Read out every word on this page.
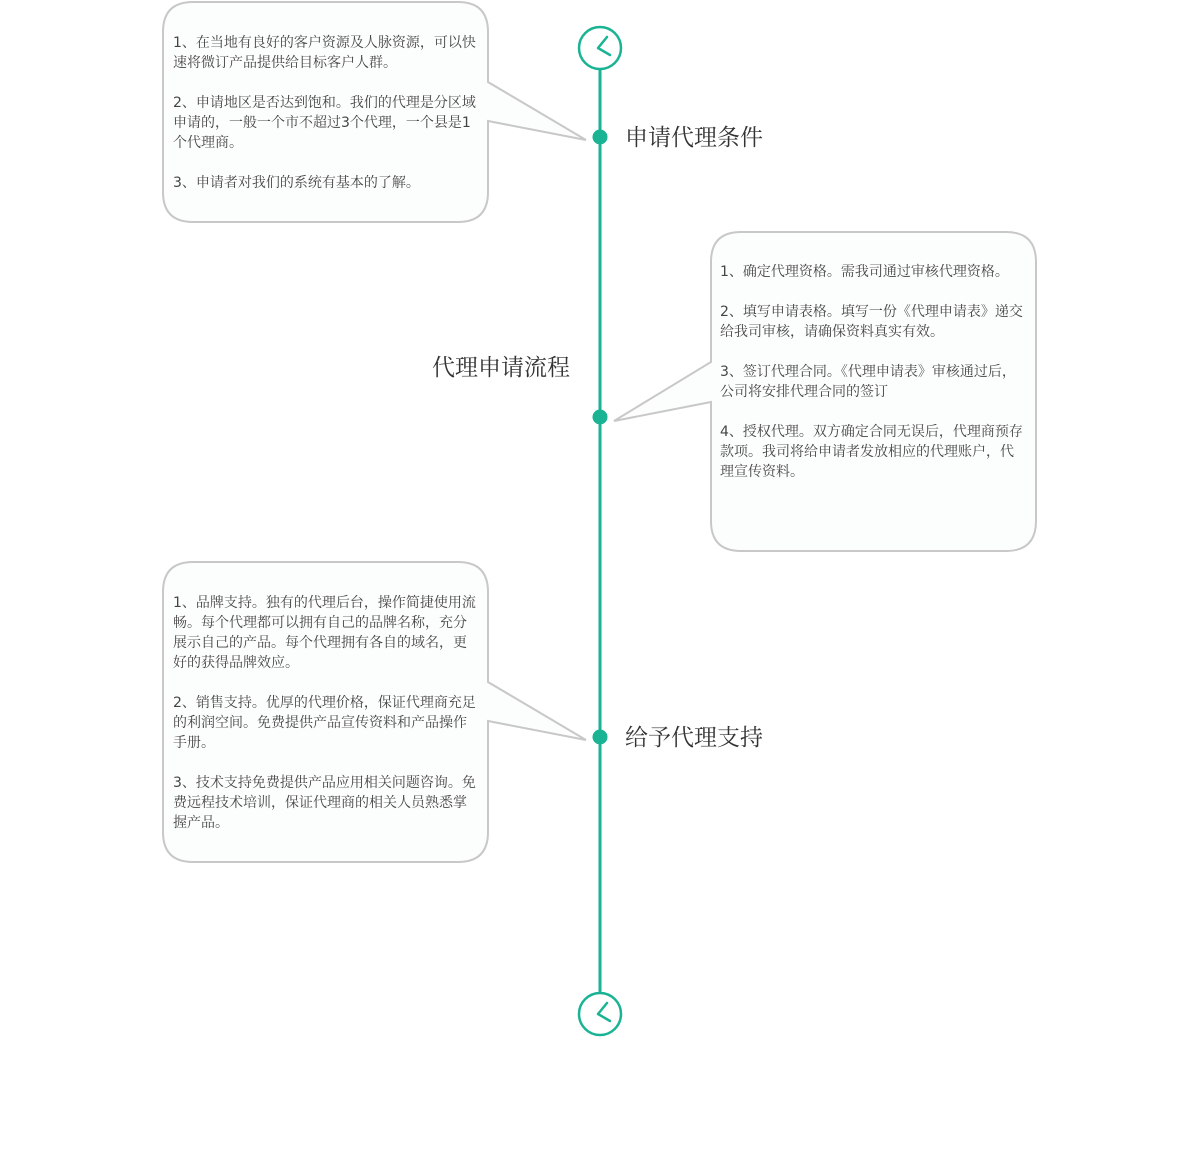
1、在当地有良好的客户资源及人脉资源，可以快速将微订产品提供给目标客户人群。

2、申请地区是否达到饱和。我们的代理是分区域申请的，一般一个市不超过3个代理，一个县是1个代理商。

3、申请者对我们的系统有基本的了解。

申请代理条件
代理申请流程

1、确定代理资格。需我司通过审核代理资格。

2、填写申请表格。填写一份《代理申请表》递交给我司审核，请确保资料真实有效。

3、签订代理合同。《代理申请表》审核通过后，公司将安排代理合同的签订

4、授权代理。双方确定合同无误后，代理商预存款项。我司将给申请者发放相应的代理账户，代理宣传资料。

1、品牌支持。独有的代理后台，操作简捷使用流畅。每个代理都可以拥有自己的品牌名称，充分展示自己的产品。每个代理拥有各自的域名，更好的获得品牌效应。

2、销售支持。优厚的代理价格，保证代理商充足的利润空间。免费提供产品宣传资料和产品操作手册。

3、技术支持免费提供产品应用相关问题咨询。免费远程技术培训，保证代理商的相关人员熟悉掌握产品。

给予代理支持
